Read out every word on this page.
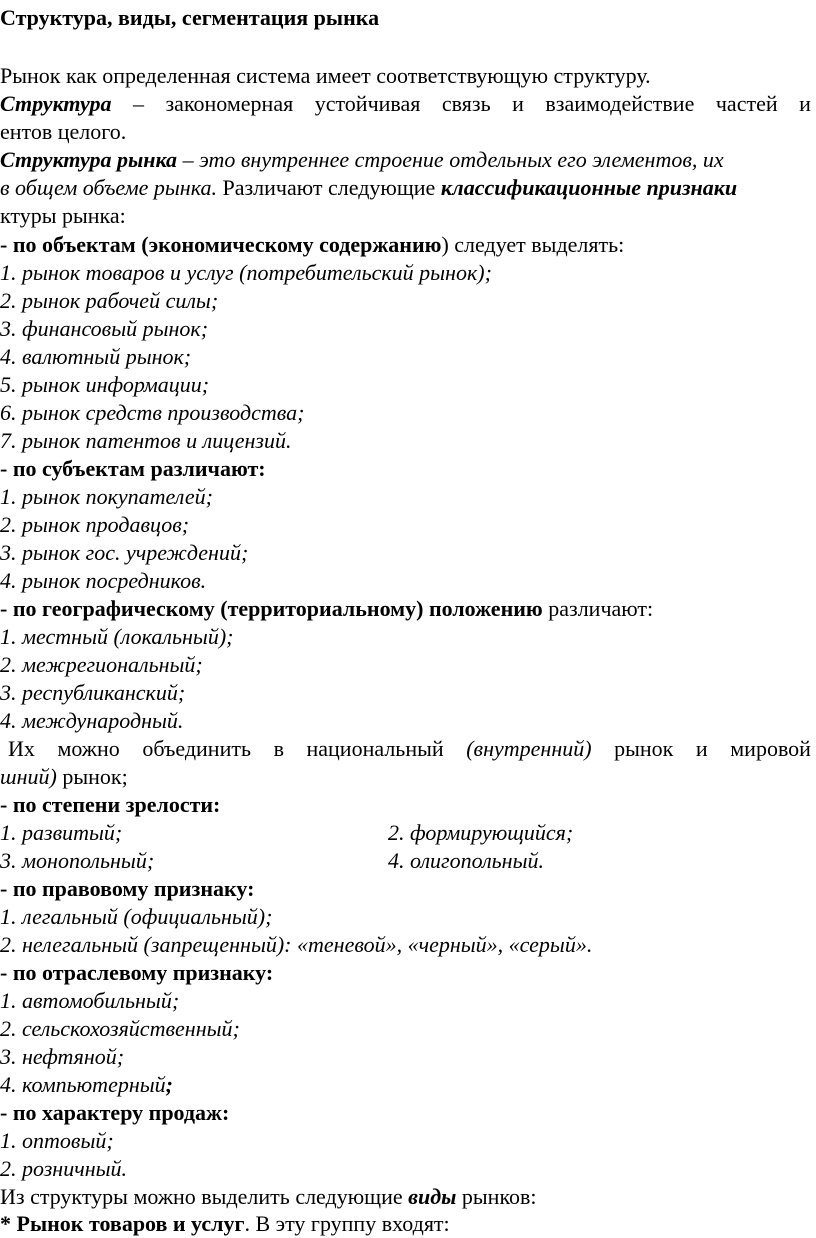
Структура, виды, сегментация рынка
Рынок как определенная система имеет соответствующую структуру.
Структура – закономерная устойчивая связь и взаимодействие частей и
ентов целого.
Структура рынка – это внутреннее строение отдельных его элементов, их
в общем объеме рынка. Различают следующие классификационные признаки
ктуры рынка:
- по объектам (экономическому содержанию) следует выделять:
1. рынок товаров и услуг (потребительский рынок);
2. рынок рабочей силы;
3. финансовый рынок;
4. валютный рынок;
5. рынок информации;
6. рынок средств производства;
7. рынок патентов и лицензий.
- по субъектам различают:
1. рынок покупателей;
2. рынок продавцов;
3. рынок гос. учреждений;
4. рынок посредников.
- по географическому (территориальному) положению различают:
1. местный (локальный);
2. межрегиональный;
3. республиканский;
4. международный.
Их можно объединить в национальный (внутренний) рынок и мировой
шний) рынок;
- по степени зрелости:
1. развитый;	2. формирующийся;
3. монопольный;	4. олигопольный.
- по правовому признаку:
1. легальный (официальный);
2. нелегальный (запрещенный): «теневой», «черный», «серый».
- по отраслевому признаку:
1. автомобильный;
2. сельскохозяйственный;
3. нефтяной;
4. компьютерный;
- по характеру продаж:
1. оптовый;
2. розничный.
Из структуры можно выделить следующие виды рынков:
* Рынок товаров и услуг. В эту группу входят:
